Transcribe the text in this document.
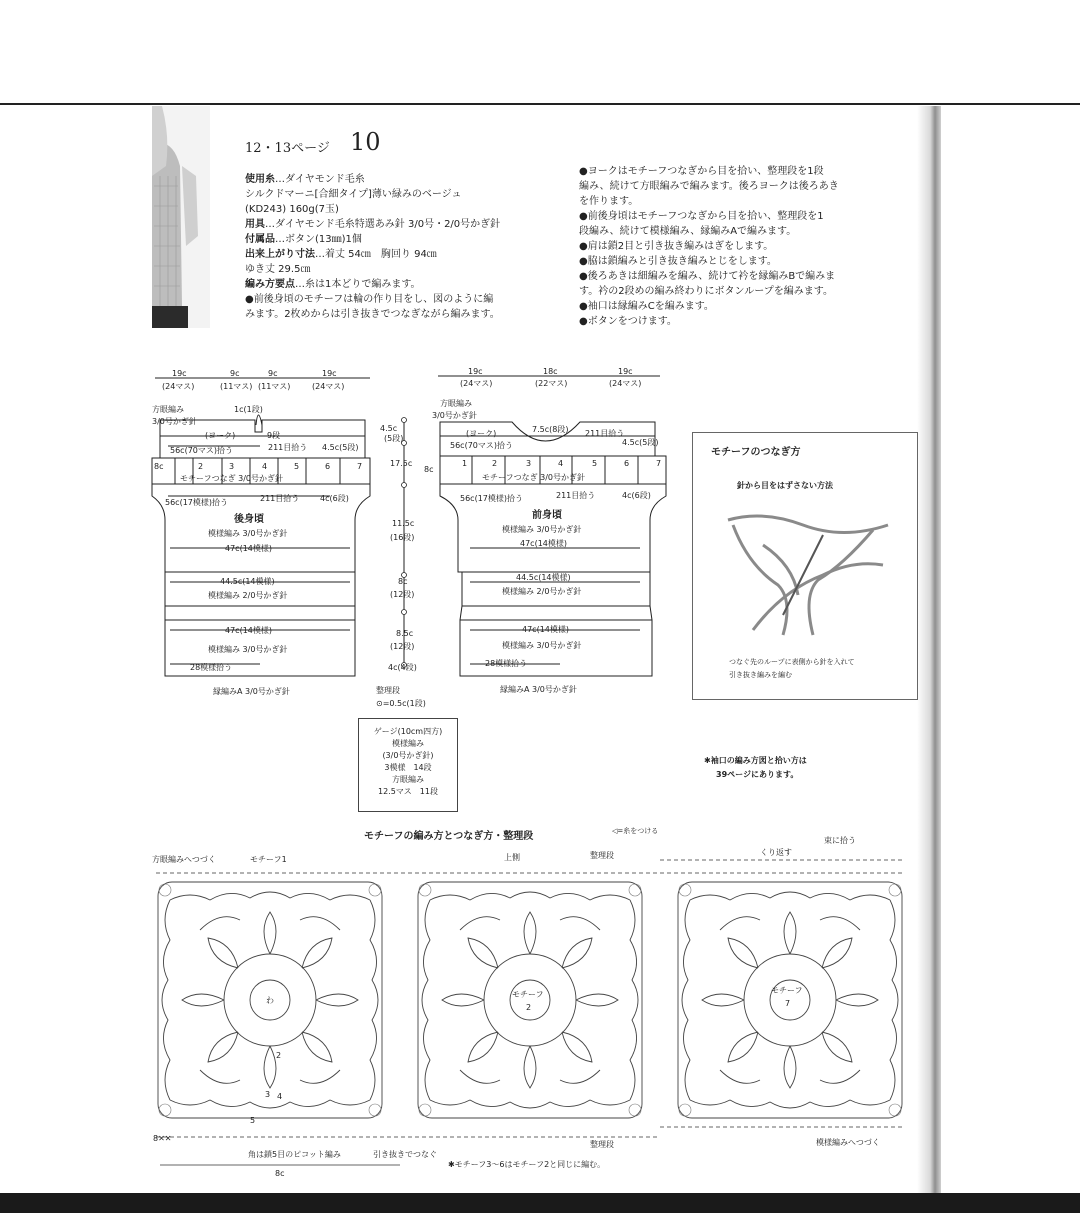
12・13ページ 10
使用糸…ダイヤモンド毛糸
シルクドマーニ[合細タイプ]薄い緑みのベージュ
(KD243) 160g(7玉)
用具…ダイヤモンド毛糸特選あみ針 3/0号・2/0号かぎ針
付属品…ボタン(13㎜)1個
出来上がり寸法…着丈 54㎝　胸回り 94㎝
ゆき丈 29.5㎝
編み方要点…糸は1本どりで編みます。
●前後身頃のモチーフは輪の作り目をし、図のように編
みます。2枚めからは引き抜きでつなぎながら編みます。
●ヨークはモチーフつなぎから目を拾い、整理段を1段
編み、続けて方眼編みで編みます。後ろヨークは後ろあき
を作ります。
●前後身頃はモチーフつなぎから目を拾い、整理段を1
段編み、続けて模様編み、縁編みAで編みます。
●肩は鎖2目と引き抜き編みはぎをします。
●脇は鎖編みと引き抜き編みとじをします。
●後ろあきは細編みを編み、続けて衿を縁編みBで編みま
す。衿の2段めの編み終わりにボタンループを編みます。
●袖口は縁編みCを編みます。
●ボタンをつけます。
19c
(24マス)
9c
(11マス)
9c
(11マス)
19c
(24マス)
方眼編み
3/0号かぎ針
1c(1段)
(ヨーク)	9段
56c(70マス)拾う	211目拾う 4.5c(5段)
8c	2	3	4	5	6	7
モチーフつなぎ 3/0号かぎ針
56c(17模様)拾う	211目拾う	4c(6段)
後身頃
模様編み 3/0号かぎ針
47c(14模様)
44.5c(14模様)
模様編み 2/0号かぎ針
47c(14模様)
模様編み 3/0号かぎ針
28模様拾う
縁編みA 3/0号かぎ針
19c
(24マス)
18c
(22マス)
19c
(24マス)
方眼編み
3/0号かぎ針
(ヨーク)	7.5c(8段)
56c(70マス)拾う
211目拾う
4.5c(5段)
8c
1	2	3	4	5	6	7
モチーフつなぎ 3/0号かぎ針
56c(17模様)拾う	211目拾う	4c(6段)
前身頃
模様編み 3/0号かぎ針
47c(14模様)
44.5c(14模様)
模様編み 2/0号かぎ針
47c(14模様)
模様編み 3/0号かぎ針
28模様拾う
縁編みA 3/0号かぎ針
4.5c
(5段)
17.5c
11.5c
(16段)
8c
(12段)
8.5c
(12段)
4c(4段)
整理段
⊙=0.5c(1段)
ゲージ(10cm四方)
模様編み
(3/0号かぎ針)
3模様　14段
方眼編み
12.5マス　11段
モチーフのつなぎ方
針から目をはずさない方法
つなぐ先のループに表側から針を入れて
引き抜き編みを編む
✱袖口の編み方図と拾い方は
39ページにあります。
モチーフの編み方とつなぎ方・整理段	◁=糸をつける
方眼編みへつづく	モチーフ1	上側	整理段	くり返す
束に拾う
わ
モチーフ
2
モチーフ
7
2
3 4
5
8✕✕
整理段	模様編みへつづく
角は鎖5目のピコット編み	引き抜きでつなぐ
8c
✱モチーフ3〜6はモチーフ2と同じに編む。
